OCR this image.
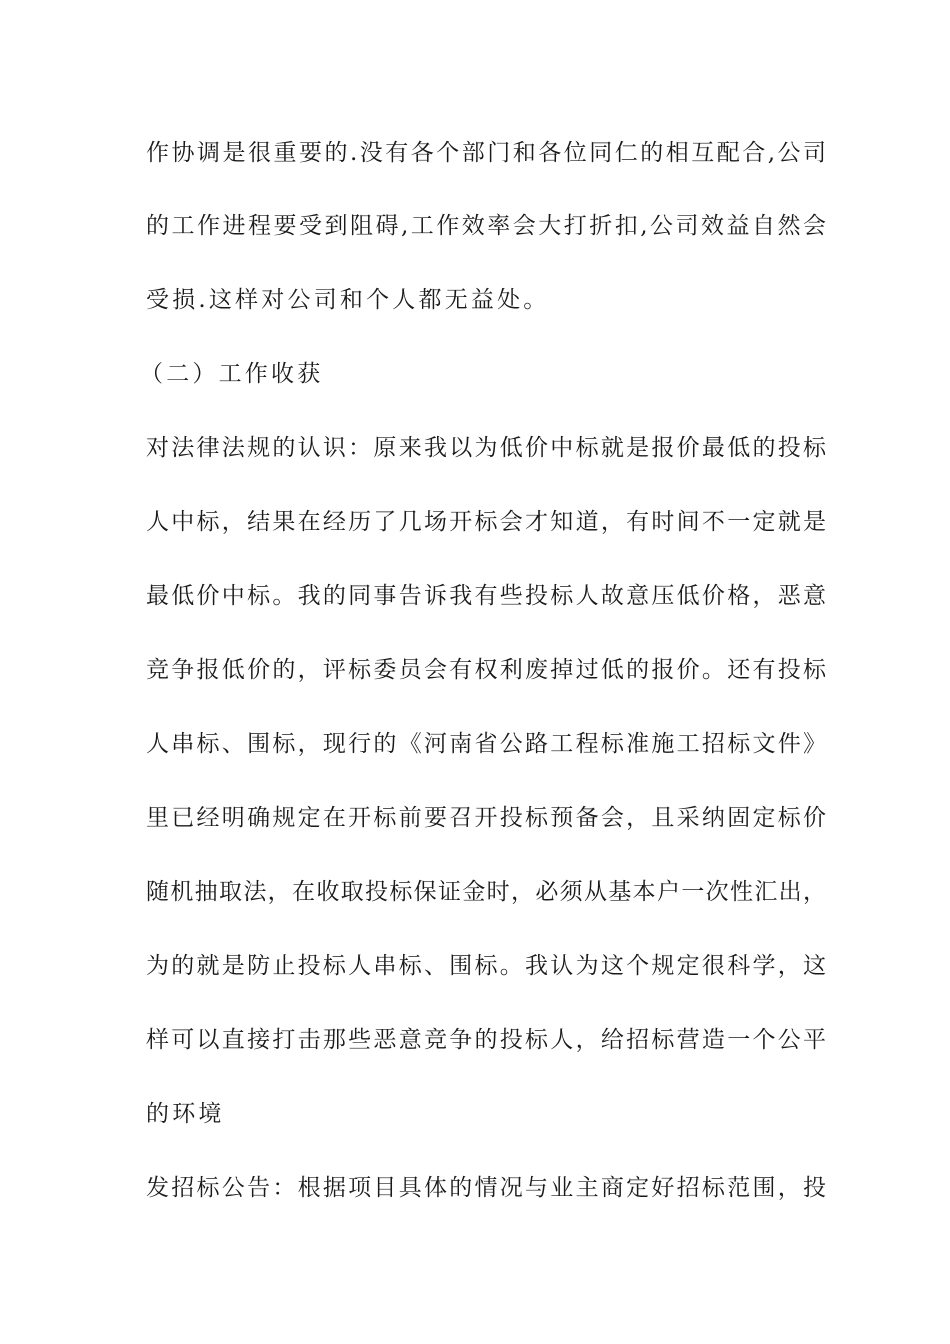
作协调是很重要的.没有各个部门和各位同仁的相互配合,公司
的工作进程要受到阻碍,工作效率会大打折扣,公司效益自然会
受损.这样对公司和个人都无益处。
（二）工作收获
对法律法规的认识：原来我以为低价中标就是报价最低的投标
人中标，结果在经历了几场开标会才知道，有时间不一定就是
最低价中标。我的同事告诉我有些投标人故意压低价格，恶意
竞争报低价的，评标委员会有权利废掉过低的报价。还有投标
人串标、围标，现行的《河南省公路工程标准施工招标文件》
里已经明确规定在开标前要召开投标预备会，且采纳固定标价
随机抽取法，在收取投标保证金时，必须从基本户一次性汇出，
为的就是防止投标人串标、围标。我认为这个规定很科学，这
样可以直接打击那些恶意竞争的投标人，给招标营造一个公平
的环境
发招标公告：根据项目具体的情况与业主商定好招标范围，投
